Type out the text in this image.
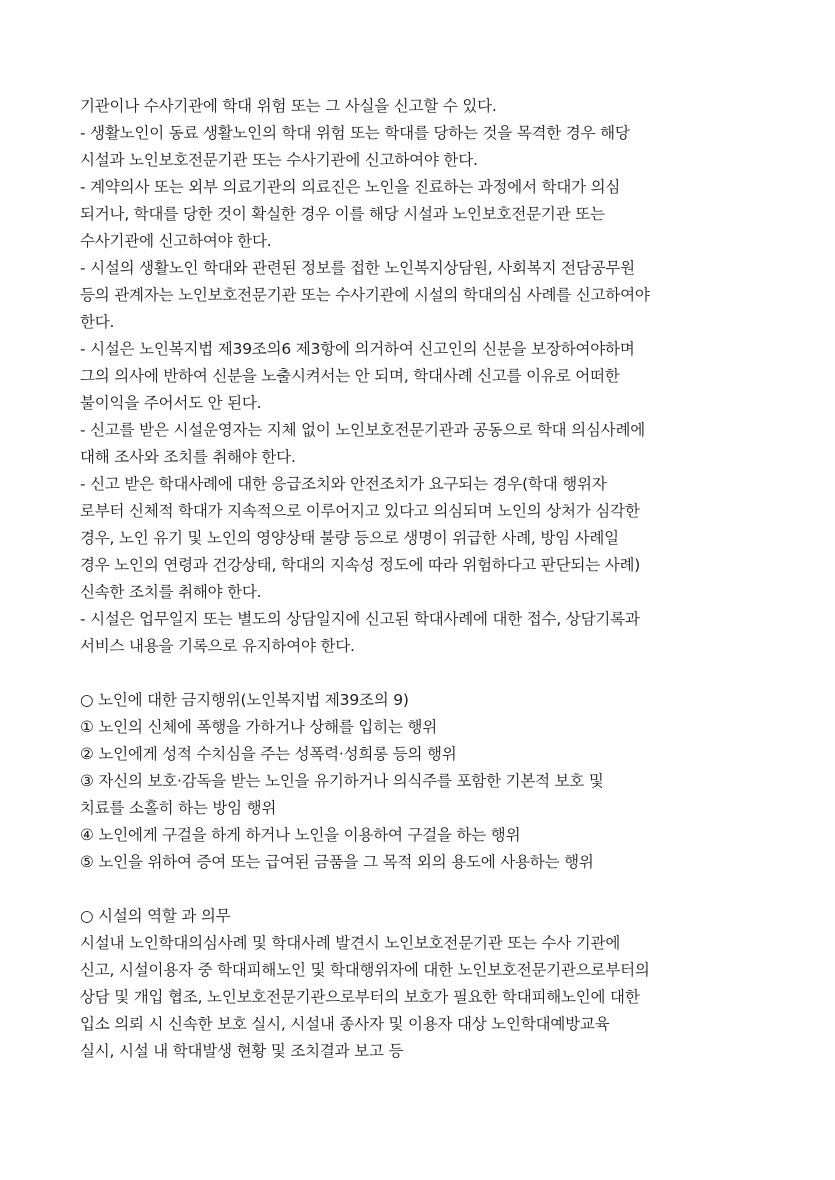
기관이나 수사기관에 학대 위험 또는 그 사실을 신고할 수 있다.
- 생활노인이 동료 생활노인의 학대 위험 또는 학대를 당하는 것을 목격한 경우 해당
시설과 노인보호전문기관 또는 수사기관에 신고하여야 한다.
- 계약의사 또는 외부 의료기관의 의료진은 노인을 진료하는 과정에서 학대가 의심
되거나, 학대를 당한 것이 확실한 경우 이를 해당 시설과 노인보호전문기관 또는
수사기관에 신고하여야 한다.
- 시설의 생활노인 학대와 관련된 정보를 접한 노인복지상담원, 사회복지 전담공무원
등의 관계자는 노인보호전문기관 또는 수사기관에 시설의 학대의심 사례를 신고하여야
한다.
- 시설은 노인복지법 제39조의6 제3항에 의거하여 신고인의 신분을 보장하여야하며
그의 의사에 반하여 신분을 노출시켜서는 안 되며, 학대사례 신고를 이유로 어떠한
불이익을 주어서도 안 된다.
- 신고를 받은 시설운영자는 지체 없이 노인보호전문기관과 공동으로 학대 의심사례에
대해 조사와 조치를 취해야 한다.
- 신고 받은 학대사례에 대한 응급조치와 안전조치가 요구되는 경우(학대 행위자
로부터 신체적 학대가 지속적으로 이루어지고 있다고 의심되며 노인의 상처가 심각한
경우, 노인 유기 및 노인의 영양상태 불량 등으로 생명이 위급한 사례, 방임 사례일
경우 노인의 연령과 건강상태, 학대의 지속성 정도에 따라 위험하다고 판단되는 사례)
신속한 조치를 취해야 한다.
- 시설은 업무일지 또는 별도의 상담일지에 신고된 학대사례에 대한 접수, 상담기록과
서비스 내용을 기록으로 유지하여야 한다.
○ 노인에 대한 금지행위(노인복지법 제39조의 9)
① 노인의 신체에 폭행을 가하거나 상해를 입히는 행위
② 노인에게 성적 수치심을 주는 성폭력·성희롱 등의 행위
③ 자신의 보호·감독을 받는 노인을 유기하거나 의식주를 포함한 기본적 보호 및
치료를 소홀히 하는 방임 행위
④ 노인에게 구걸을 하게 하거나 노인을 이용하여 구걸을 하는 행위
⑤ 노인을 위하여 증여 또는 급여된 금품을 그 목적 외의 용도에 사용하는 행위
○ 시설의 역할 과 의무
시설내 노인학대의심사례 및 학대사례 발견시 노인보호전문기관 또는 수사 기관에
신고, 시설이용자 중 학대피해노인 및 학대행위자에 대한 노인보호전문기관으로부터의
상담 및 개입 협조, 노인보호전문기관으로부터의 보호가 필요한 학대피해노인에 대한
입소 의뢰 시 신속한 보호 실시, 시설내 종사자 및 이용자 대상 노인학대예방교육
실시, 시설 내 학대발생 현황 및 조치결과 보고 등
